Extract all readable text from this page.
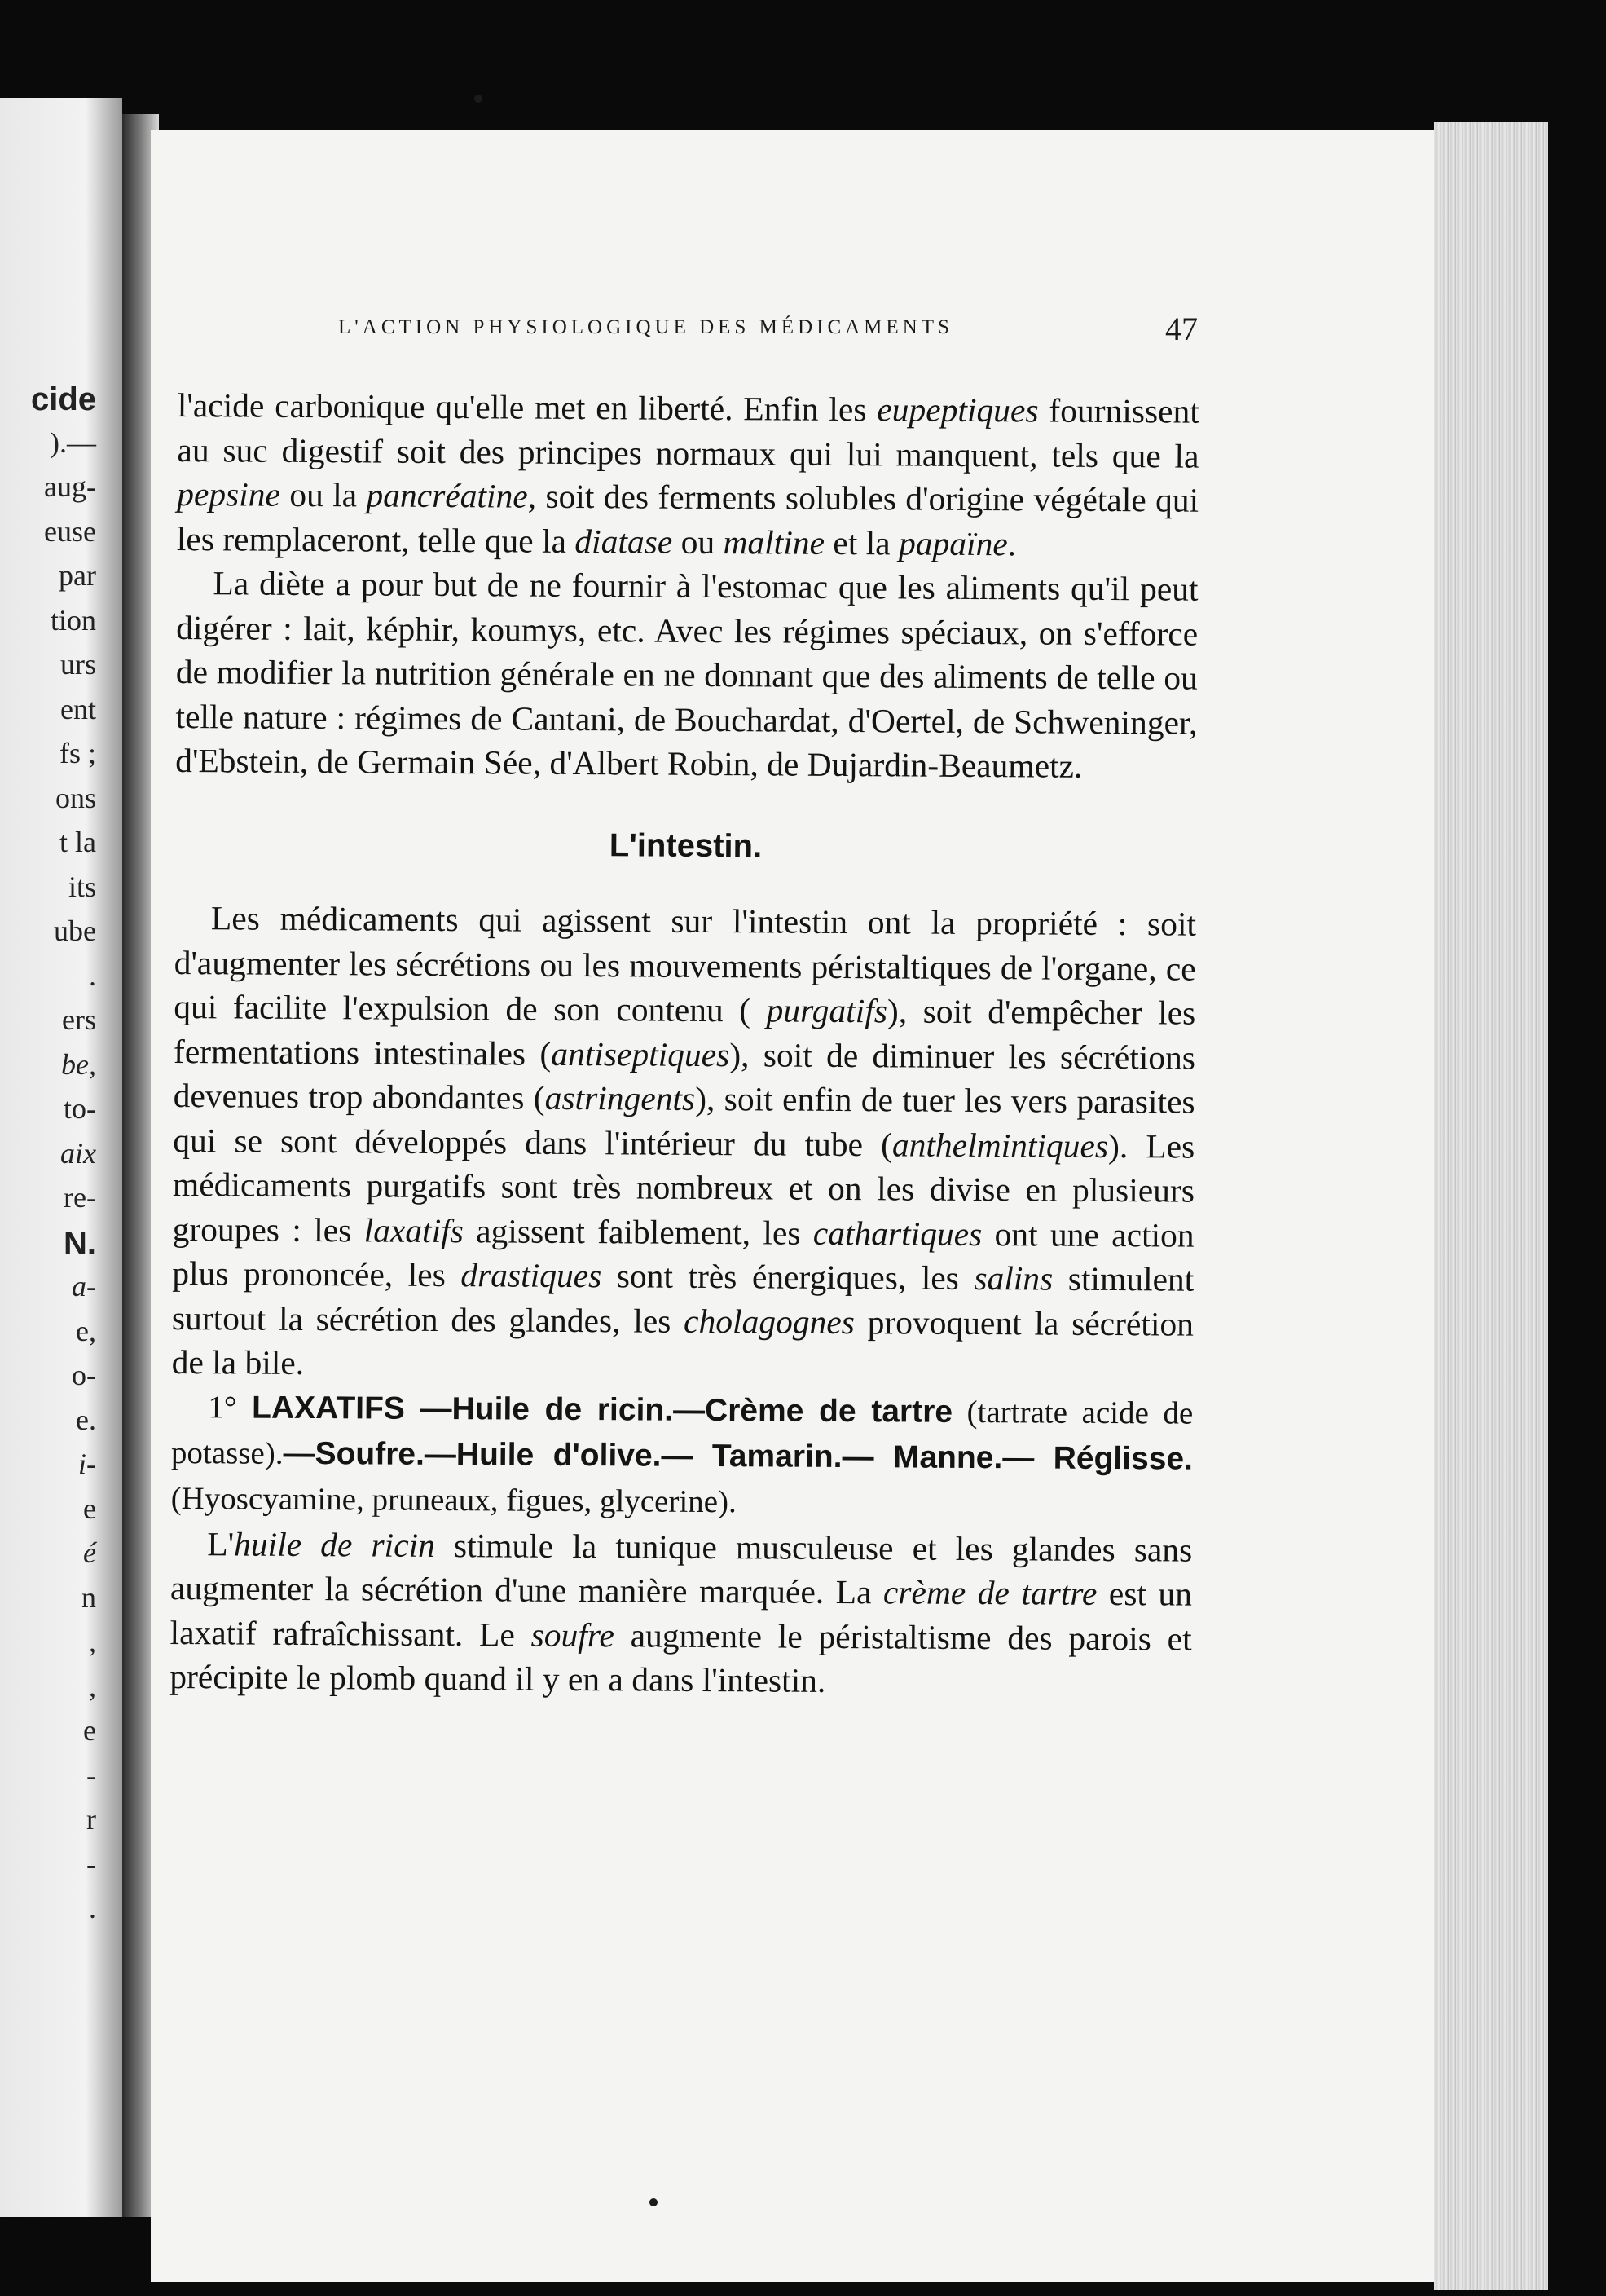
L'ACTION PHYSIOLOGIQUE DES MÉDICAMENTS	47

l'acide carbonique qu'elle met en liberté. Enfin les eupeptiques fournissent au suc digestif soit des principes normaux qui lui manquent, tels que la pepsine ou la pancréatine, soit des ferments solubles d'origine végétale qui les remplaceront, telle que la diatase ou maltine et la papaïne.

La diète a pour but de ne fournir à l'estomac que les aliments qu'il peut digérer : lait, képhir, koumys, etc. Avec les régimes spéciaux, on s'efforce de modifier la nutrition générale en ne donnant que des aliments de telle ou telle nature : régimes de Cantani, de Bouchardat, d'Oertel, de Schweninger, d'Ebstein, de Germain Sée, d'Albert Robin, de Dujardin-Beaumetz.

L'intestin.

Les médicaments qui agissent sur l'intestin ont la propriété : soit d'augmenter les sécrétions ou les mouvements péristaltiques de l'organe, ce qui facilite l'expulsion de son contenu ( purgatifs), soit d'empêcher les fermentations intestinales (antiseptiques), soit de diminuer les sécrétions devenues trop abondantes (astringents), soit enfin de tuer les vers parasites qui se sont développés dans l'intérieur du tube (anthelmintiques). Les médicaments purgatifs sont très nombreux et on les divise en plusieurs groupes : les laxatifs agissent faiblement, les cathartiques ont une action plus prononcée, les drastiques sont très énergiques, les salins stimulent surtout la sécrétion des glandes, les cholagognes provoquent la sécrétion de la bile.

1° LAXATIFS —Huile de ricin.—Crème de tartre (tartrate acide de potasse).—Soufre.—Huile d'olive.— Tamarin.— Manne.— Réglisse. (Hyoscyamine, pruneaux, figues, glycerine).

L'huile de ricin stimule la tunique musculeuse et les glandes sans augmenter la sécrétion d'une manière marquée. La crème de tartre est un laxatif rafraîchissant. Le soufre augmente le péristaltisme des parois et précipite le plomb quand il y en a dans l'intestin.

cide
).—
aug-
euse
par
tion
urs
ent
fs ;
ons
t la
its
ube
.
ers
be,
to-
aix
re-
N.
a-
e,
o-
e.
i-
e
é
n
,
,
e
-
r
-
.
